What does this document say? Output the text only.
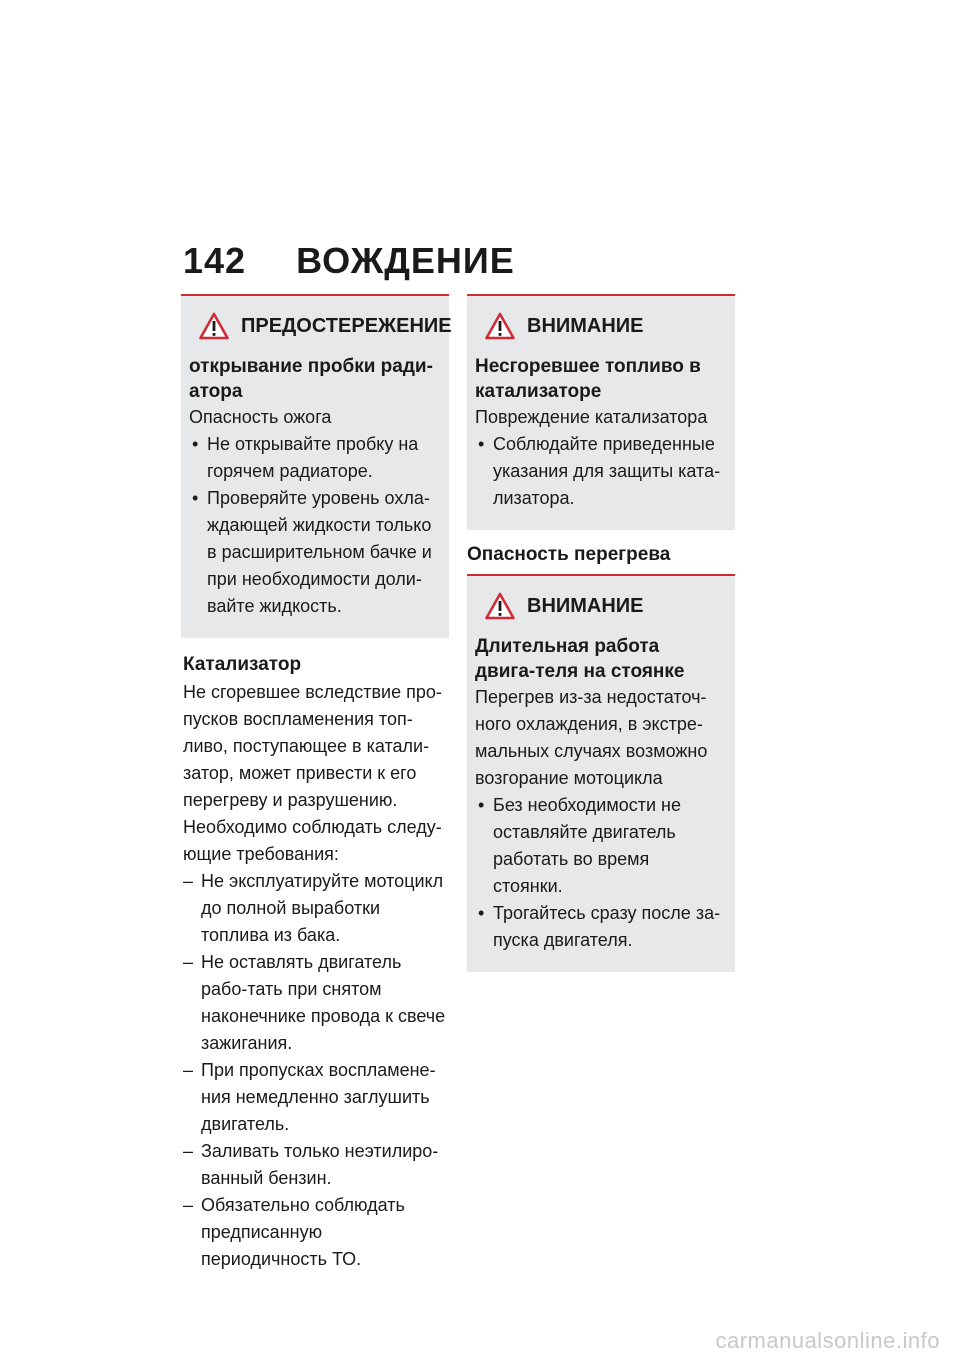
142 ВОЖДЕНИЕ
ПРЕДОСТЕРЕЖЕНИЕ

открывание пробки ради-атора

Опасность ожога

• Не открывайте пробку на горячем радиаторе.
• Проверяйте уровень охла-ждающей жидкости только в расширительном бачке и при необходимости доли-вайте жидкость.

Катализатор

Не сгоревшее вследствие про-пусков воспламенения топ-ливо, поступающее в катали-затор, может привести к его перегреву и разрушению. Необходимо соблюдать следу-ющие требования:

– Не эксплуатируйте мотоцикл до полной выработки топлива из бака.
– Не оставлять двигатель рабо-тать при снятом наконечнике провода к свече зажигания.
– При пропусках воспламене-ния немедленно заглушить двигатель.
– Заливать только неэтилиро-ванный бензин.
– Обязательно соблюдать предписанную периодичность ТО.
ВНИМАНИЕ

Несгоревшее топливо в катализаторе

Повреждение катализатора

• Соблюдайте приведенные указания для защиты ката-лизатора.

Опасность перегрева

ВНИМАНИЕ

Длительная работа двига-теля на стоянке

Перегрев из-за недостаточ-ного охлаждения, в экстре-мальных случаях возможно возгорание мотоцикла

• Без необходимости не оставляйте двигатель работать во время стоянки.
• Трогайтесь сразу после за-пуска двигателя.
carmanualsonline.info
